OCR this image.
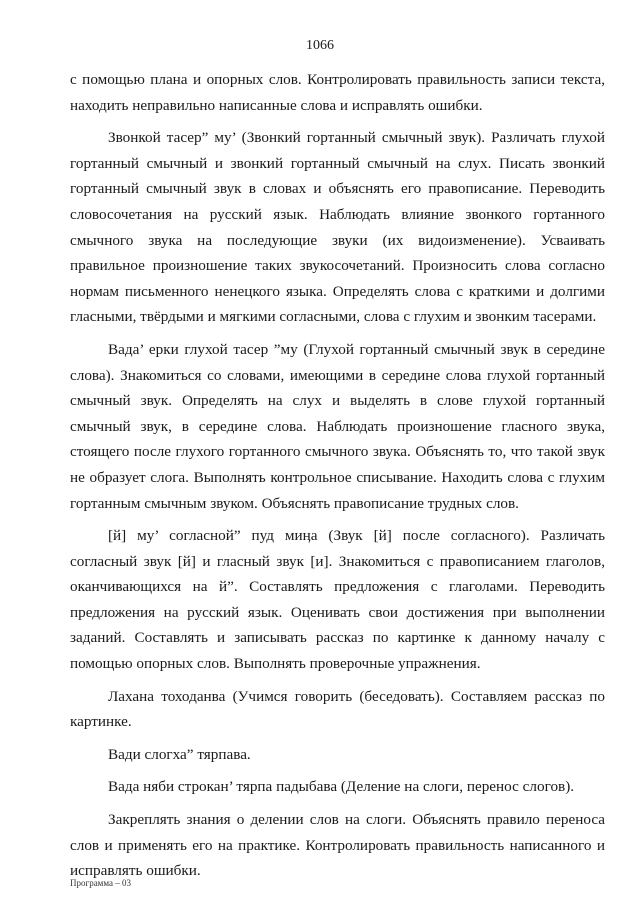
1066

с помощью плана и опорных слов. Контролировать правильность записи текста, находить неправильно написанные слова и исправлять ошибки.

Звонкой тасер” му’ (Звонкий гортанный смычный звук). Различать глухой гортанный смычный и звонкий гортанный смычный на слух. Писать звонкий гортанный смычный звук в словах и объяснять его правописание. Переводить словосочетания на русский язык. Наблюдать влияние звонкого гортанного смычного звука на последующие звуки (их видоизменение). Усваивать правильное произношение таких звукосочетаний. Произносить слова согласно нормам письменного ненецкого языка. Определять слова с краткими и долгими гласными, твёрдыми и мягкими согласными, слова с глухим и звонким тасерами.

Вада’ ерки глухой тасер ”му (Глухой гортанный смычный звук в середине слова). Знакомиться со словами, имеющими в середине слова глухой гортанный смычный звук. Определять на слух и выделять в слове глухой гортанный смычный звук, в середине слова. Наблюдать произношение гласного звука, стоящего после глухого гортанного смычного звука. Объяснять то, что такой звук не образует слога. Выполнять контрольное списывание. Находить слова с глухим гортанным смычным звуком. Объяснять правописание трудных слов.

[й] му’ согласной” пуд миӊа (Звук [й] после согласного). Различать согласный звук [й] и гласный звук [и]. Знакомиться с правописанием глаголов, оканчивающихся на й”. Составлять предложения с глаголами. Переводить предложения на русский язык. Оценивать свои достижения при выполнении заданий. Составлять и записывать рассказ по картинке к данному началу с помощью опорных слов. Выполнять проверочные упражнения.

Лахана тоходанва (Учимся говорить (беседовать). Составляем рассказ по картинке.

Вади слогха” тярпава.

Вада няби строкан’ тярпа падыбава (Деление на слоги, перенос слогов).

Закреплять знания о делении слов на слоги. Объяснять правило переноса слов и применять его на практике. Контролировать правильность написанного и исправлять ошибки.

Программа – 03
